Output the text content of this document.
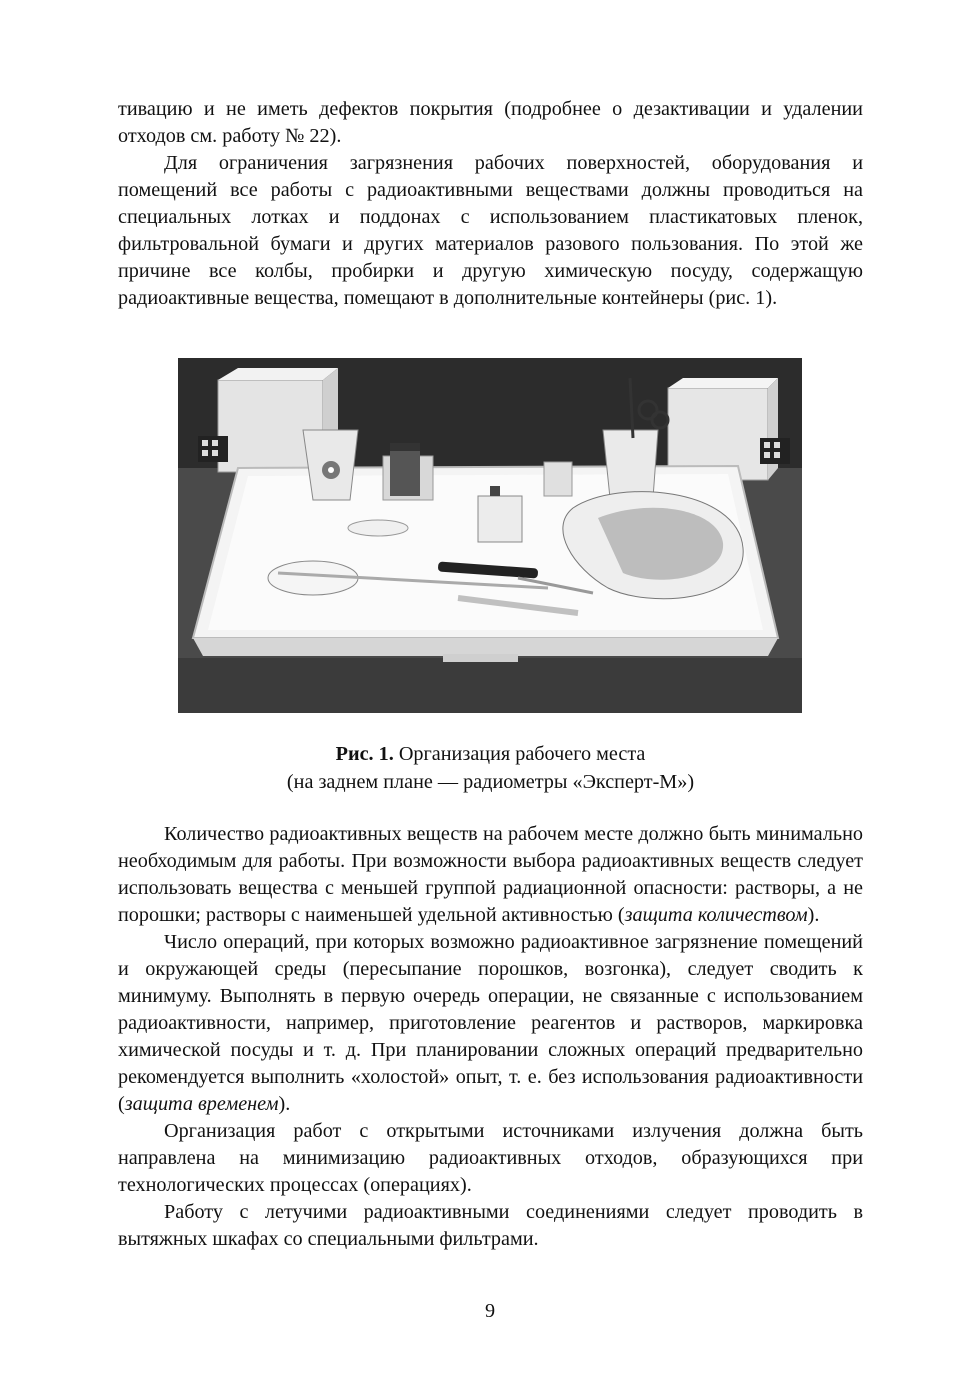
тивацию и не иметь дефектов покрытия (подробнее о дезактивации и удалении отходов см. работу № 22).

Для ограничения загрязнения рабочих поверхностей, оборудования и помещений все работы с радиоактивными веществами должны проводиться на специальных лотках и поддонах с использованием пластикатовых пленок, фильтровальной бумаги и других материалов разового пользования. По этой же причине все колбы, пробирки и другую химическую посуду, содержащую радиоактивные вещества, помещают в дополнительные контейнеры (рис. 1).

Рис. 1. Организация рабочего места
(на заднем плане — радиометры «Эксперт-М»)

Количество радиоактивных веществ на рабочем месте должно быть минимально необходимым для работы. При возможности выбора радиоактивных веществ следует использовать вещества с меньшей группой радиационной опасности: растворы, а не порошки; растворы с наименьшей удельной активностью (защита количеством).

Число операций, при которых возможно радиоактивное загрязнение помещений и окружающей среды (пересыпание порошков, возгонка), следует сводить к минимуму. Выполнять в первую очередь операции, не связанные с использованием радиоактивности, например, приготовление реагентов и растворов, маркировка химической посуды и т. д. При планировании сложных операций предварительно рекомендуется выполнить «холостой» опыт, т. е. без использования радиоактивности (защита временем).

Организация работ с открытыми источниками излучения должна быть направлена на минимизацию радиоактивных отходов, образующихся при технологических процессах (операциях).

Работу с летучими радиоактивными соединениями следует проводить в вытяжных шкафах со специальными фильтрами.

9
